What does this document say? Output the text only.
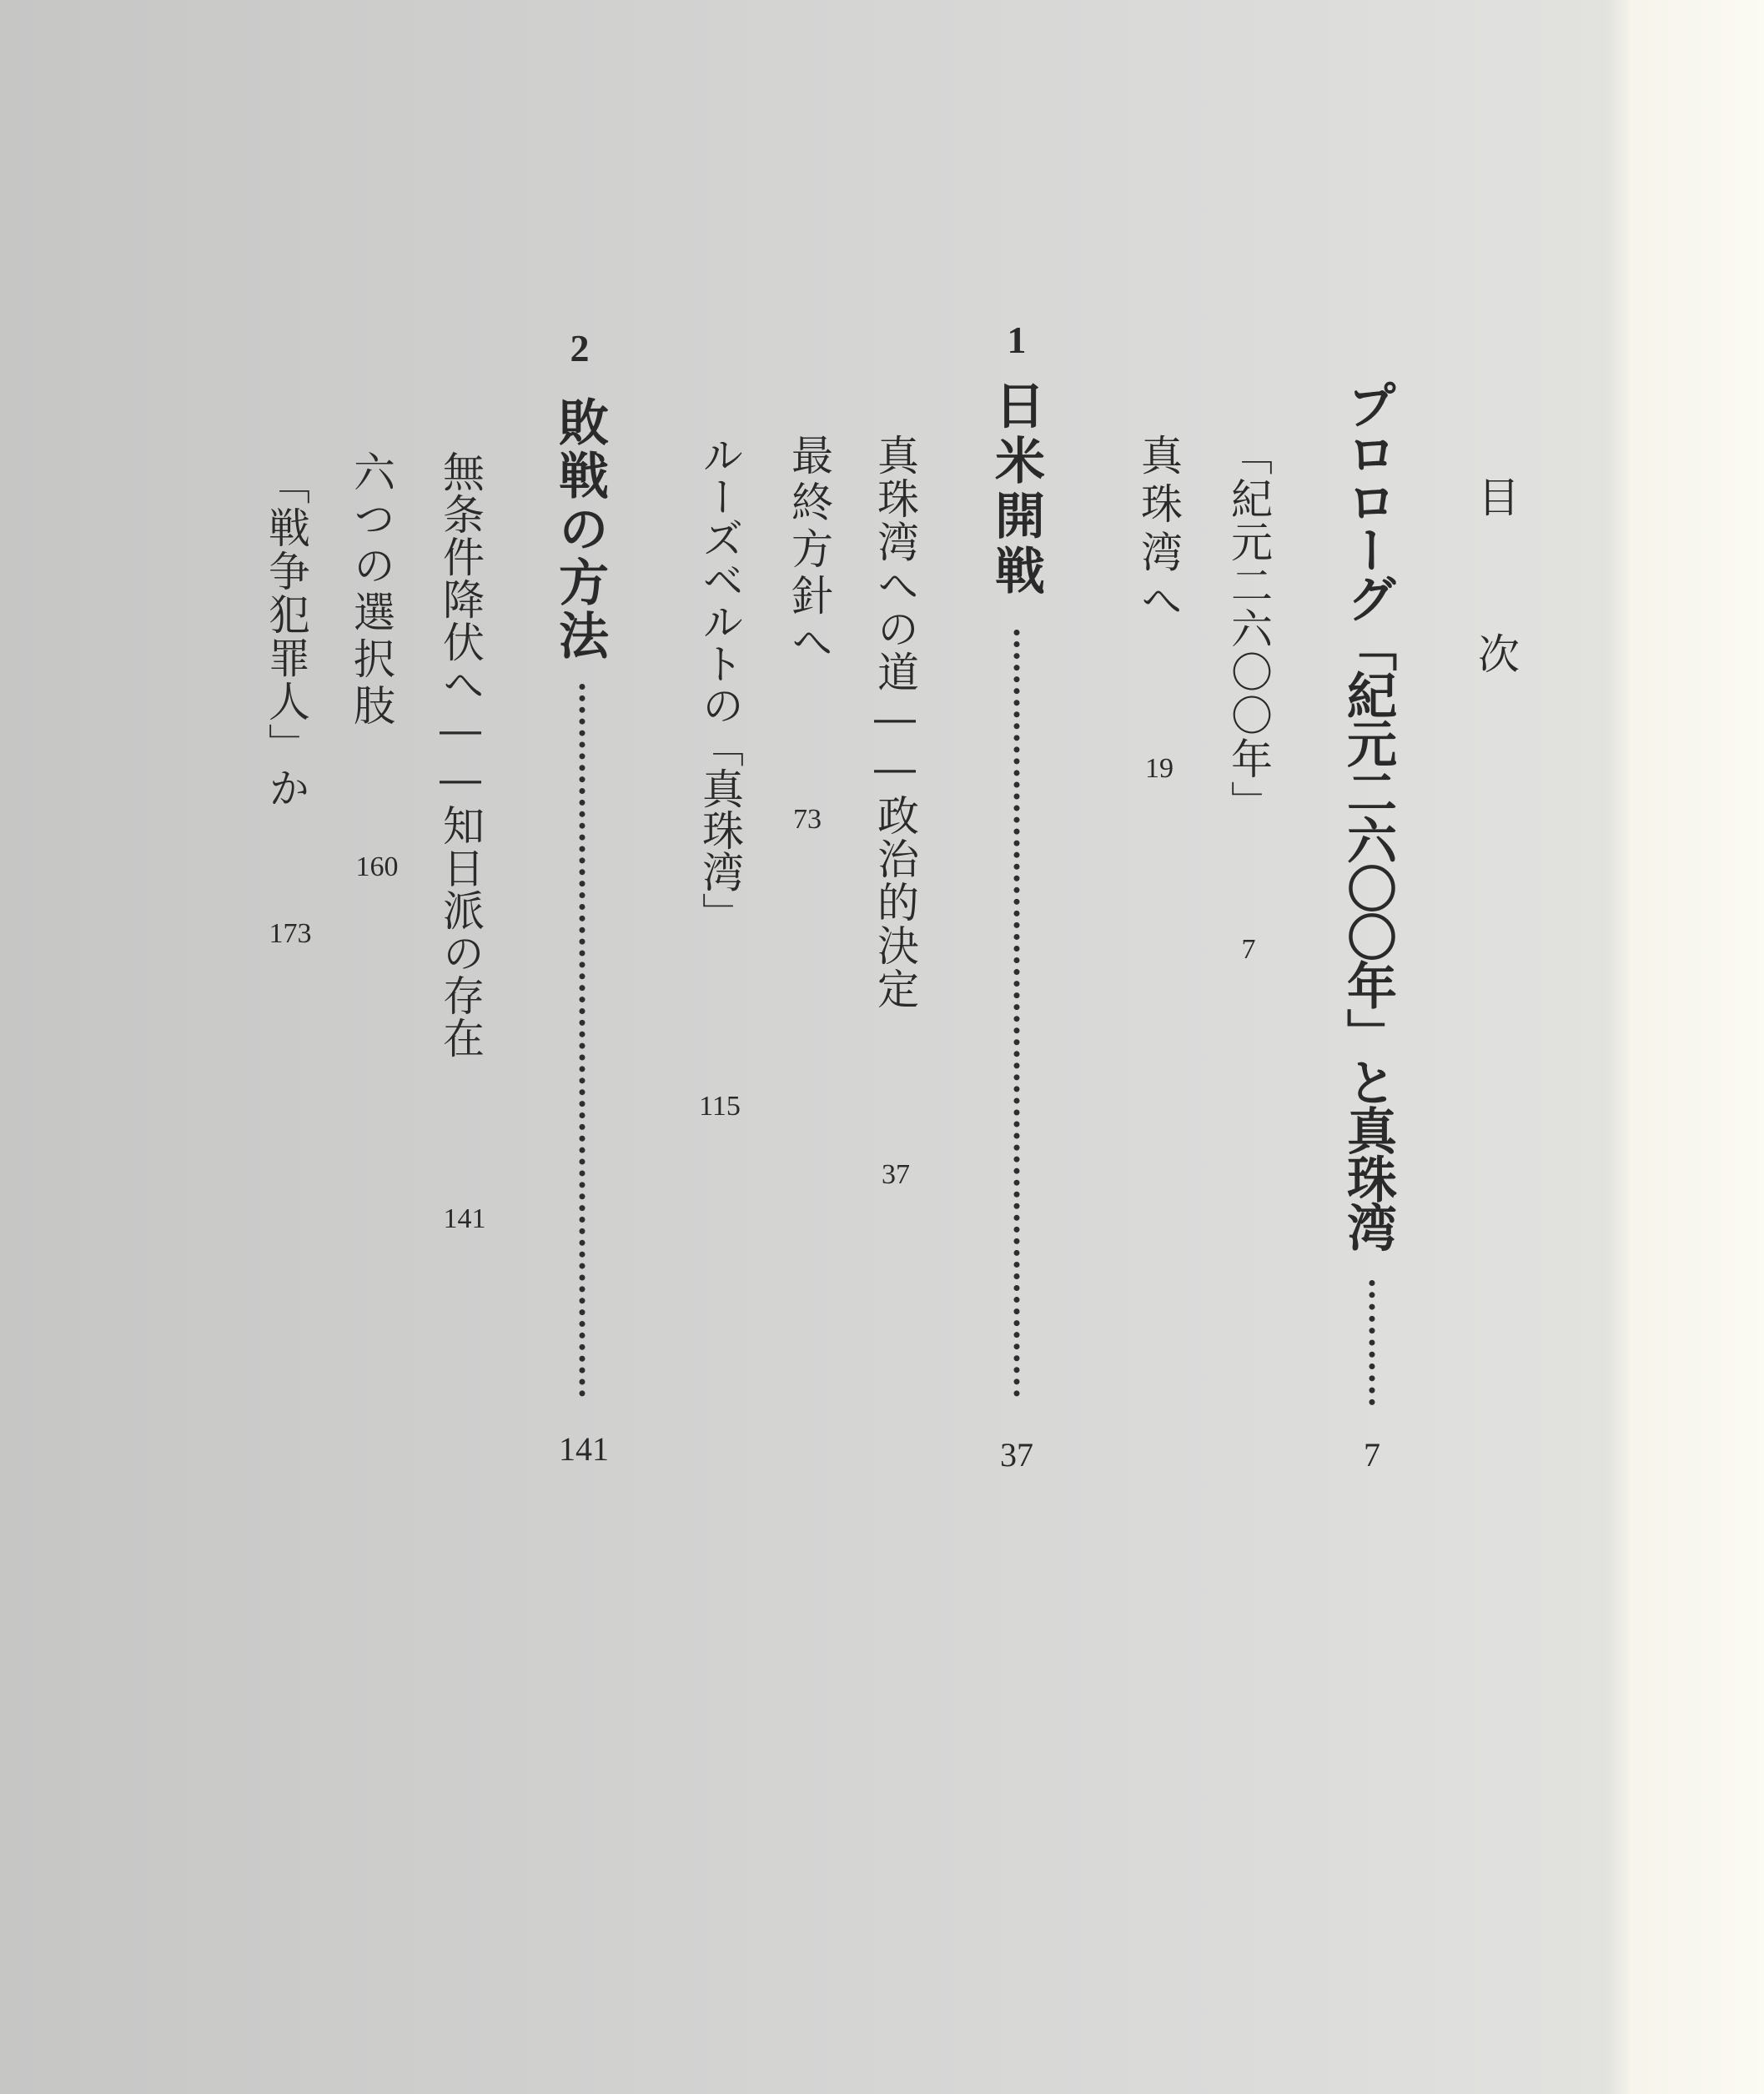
目 次
プロローグ「紀元二六〇〇年」と真珠湾
7
「紀元二六〇〇年」
7
真珠湾へ
19
1
日米開戦
37
真珠湾への道――政治的決定
37
最終方針へ
73
ルーズベルトの「真珠湾」
115
2
敗戦の方法
141
無条件降伏へ――知日派の存在
141
六つの選択肢
160
「戦争犯罪人」か
173
